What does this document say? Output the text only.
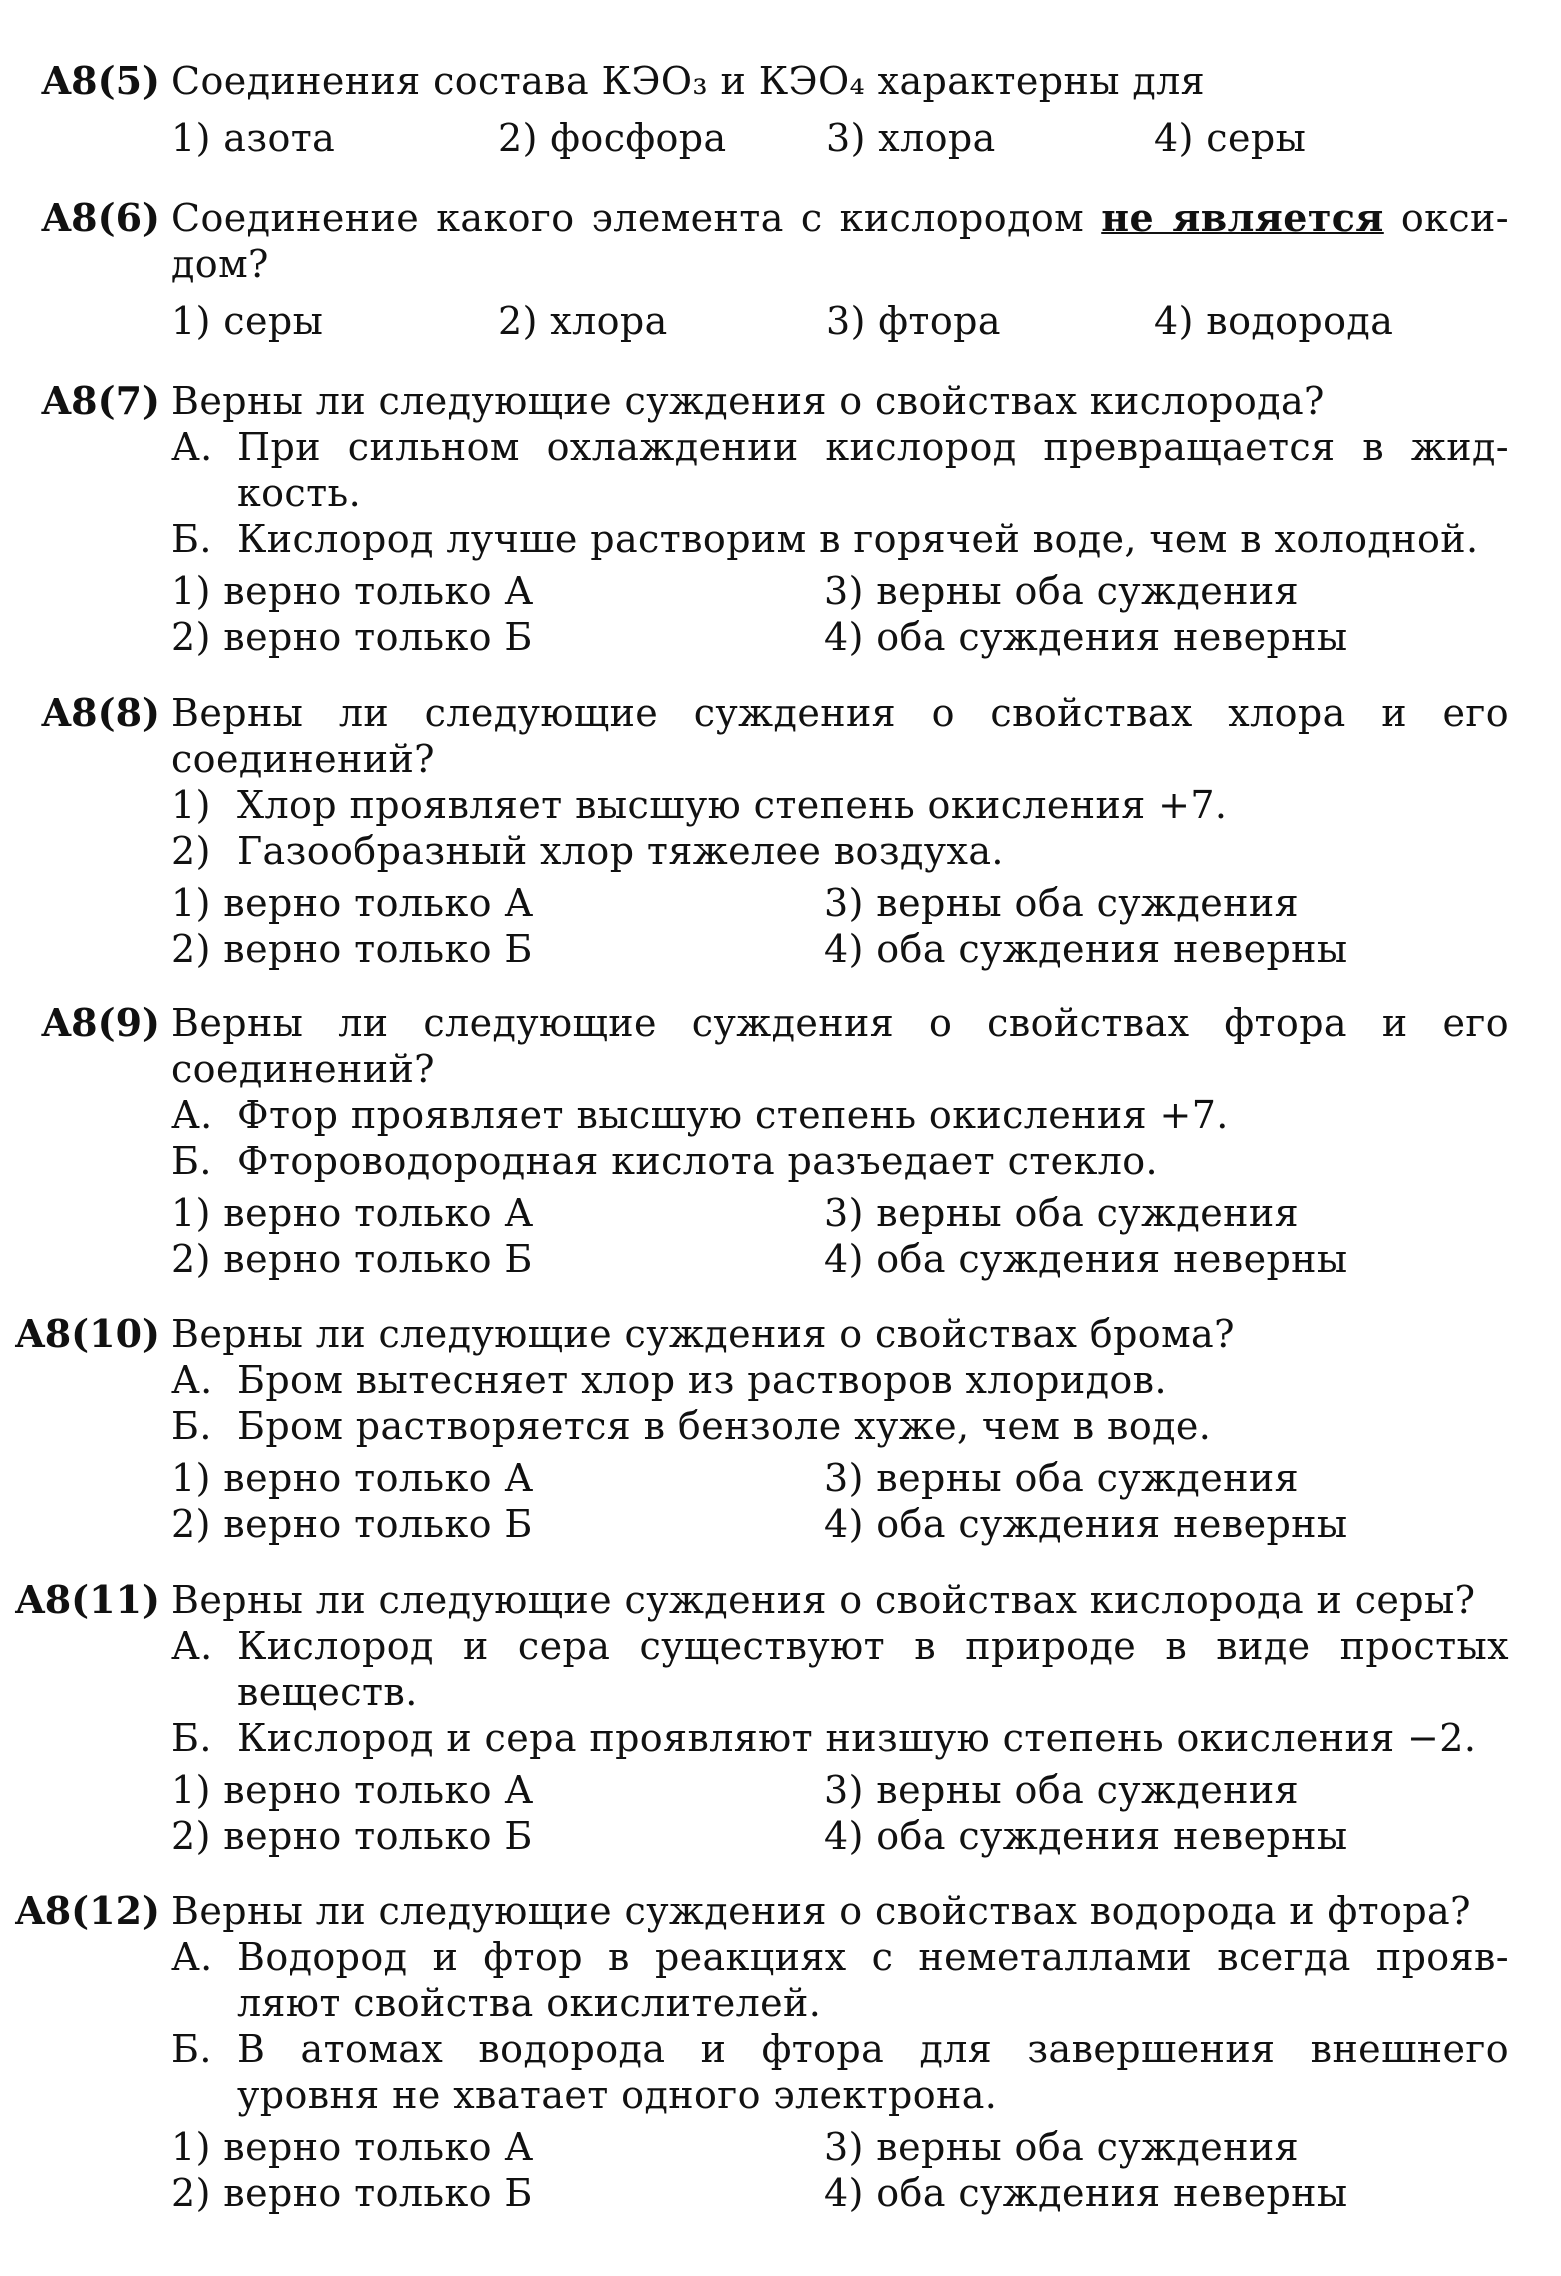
A8(5) Соединения состава КЭО₃ и КЭО₄ характерны для
1) азота	2) фосфора	3) хлора	4) серы
A8(6) Соединение какого элемента с кислородом не является окси-
дом?
1) серы	2) хлора	3) фтора	4) водорода
A8(7) Верны ли следующие суждения о свойствах кислорода?
А. При сильном охлаждении кислород превращается в жид-
кость.
Б. Кислород лучше растворим в горячей воде, чем в холодной.
1) верно только А	3) верны оба суждения
2) верно только Б	4) оба суждения неверны
A8(8) Верны ли следующие суждения о свойствах хлора и его
соединений?
1) Хлор проявляет высшую степень окисления +7.
2) Газообразный хлор тяжелее воздуха.
1) верно только А	3) верны оба суждения
2) верно только Б	4) оба суждения неверны
A8(9) Верны ли следующие суждения о свойствах фтора и его
соединений?
А. Фтор проявляет высшую степень окисления +7.
Б. Фтороводородная кислота разъедает стекло.
1) верно только А	3) верны оба суждения
2) верно только Б	4) оба суждения неверны
A8(10) Верны ли следующие суждения о свойствах брома?
А. Бром вытесняет хлор из растворов хлоридов.
Б. Бром растворяется в бензоле хуже, чем в воде.
1) верно только А	3) верны оба суждения
2) верно только Б	4) оба суждения неверны
A8(11) Верны ли следующие суждения о свойствах кислорода и серы?
А. Кислород и сера существуют в природе в виде простых
веществ.
Б. Кислород и сера проявляют низшую степень окисления −2.
1) верно только А	3) верны оба суждения
2) верно только Б	4) оба суждения неверны
A8(12) Верны ли следующие суждения о свойствах водорода и фтора?
А. Водород и фтор в реакциях с неметаллами всегда прояв-
ляют свойства окислителей.
Б. В атомах водорода и фтора для завершения внешнего
уровня не хватает одного электрона.
1) верно только А	3) верны оба суждения
2) верно только Б	4) оба суждения неверны
